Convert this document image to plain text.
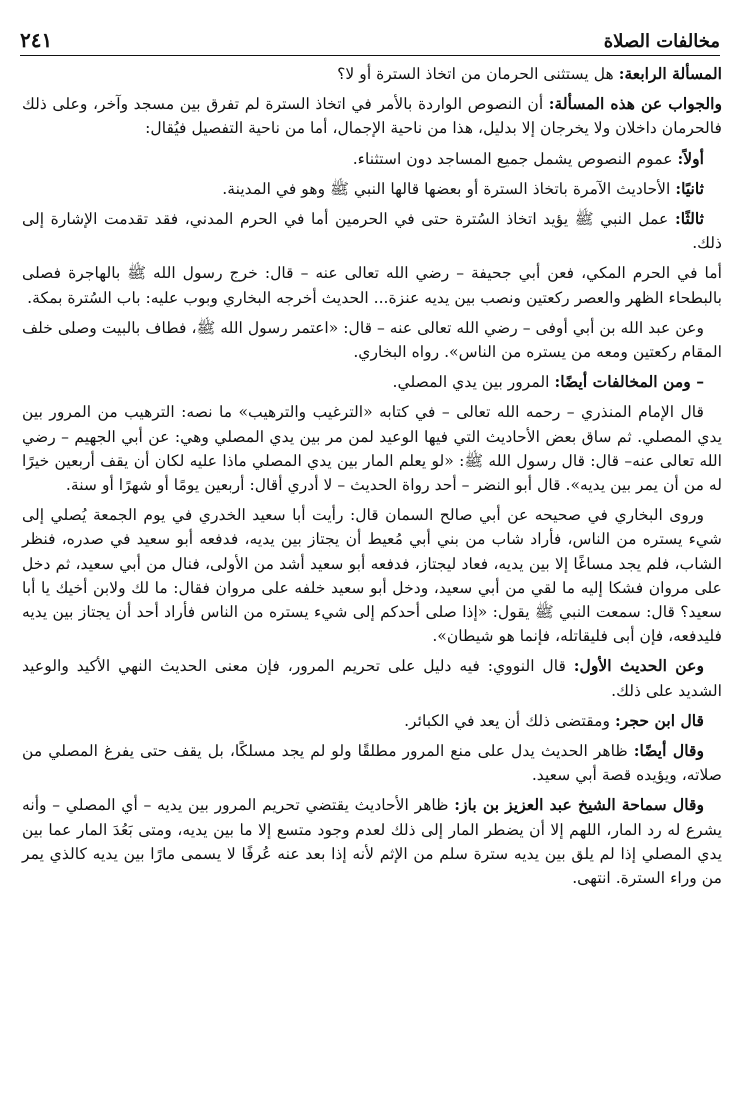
مخالفات الصلاة
٢٤١

المسألة الرابعة: هل يستثنى الحرمان من اتخاذ السترة أو لا؟

والجواب عن هذه المسألة: أن النصوص الواردة بالأمر في اتخاذ السترة لم تفرق بين مسجد وآخر، وعلى ذلك فالحرمان داخلان ولا يخرجان إلا بدليل، هذا من ناحية الإجمال، أما من ناحية التفصيل فيُقال:

أولاً: عموم النصوص يشمل جميع المساجد دون استثناء.

ثانيًا: الأحاديث الآمرة باتخاذ السترة أو بعضها قالها النبي ﷺ وهو في المدينة.

ثالثًا: عمل النبي ﷺ يؤيد اتخاذ السُترة حتى في الحرمين أما في الحرم المدني، فقد تقدمت الإشارة إلى ذلك.

أما في الحرم المكي، فعن أبي جحيفة – رضي الله تعالى عنه – قال: خرج رسول الله ﷺ بالهاجرة فصلى بالبطحاء الظهر والعصر ركعتين ونصب بين يديه عنزة... الحديث أخرجه البخاري وبوب عليه: باب السُترة بمكة.

وعن عبد الله بن أبي أوفى – رضي الله تعالى عنه – قال: «اعتمر رسول الله ﷺ، فطاف بالبيت وصلى خلف المقام ركعتين ومعه من يستره من الناس». رواه البخاري.

– ومن المخالفات أيضًا: المرور بين يدي المصلي.

قال الإمام المنذري – رحمه الله تعالى – في كتابه «الترغيب والترهيب» ما نصه: الترهيب من المرور بين يدي المصلي. ثم ساق بعض الأحاديث التي فيها الوعيد لمن مر بين يدي المصلي وهي: عن أبي الجهيم – رضي الله تعالى عنه– قال: قال رسول الله ﷺ: «لو يعلم المار بين يدي المصلي ماذا عليه لكان أن يقف أربعين خيرًا له من أن يمر بين يديه». قال أبو النضر – أحد رواة الحديث – لا أدري أقال: أربعين يومًا أو شهرًا أو سنة.

وروى البخاري في صحيحه عن أبي صالح السمان قال: رأيت أبا سعيد الخدري في يوم الجمعة يُصلي إلى شيء يستره من الناس، فأراد شاب من بني أبي مُعيط أن يجتاز بين يديه، فدفعه أبو سعيد في صدره، فنظر الشاب، فلم يجد مساغًا إلا بين يديه، فعاد ليجتاز، فدفعه أبو سعيد أشد من الأولى، فنال من أبي سعيد، ثم دخل على مروان فشكا إليه ما لقي من أبي سعيد، ودخل أبو سعيد خلفه على مروان فقال: ما لك ولابن أخيك يا أبا سعيد؟ قال: سمعت النبي ﷺ يقول: «إذا صلى أحدكم إلى شيء يستره من الناس فأراد أحد أن يجتاز بين يديه فليدفعه، فإن أبى فليقاتله، فإنما هو شيطان».

وعن الحديث الأول: قال النووي: فيه دليل على تحريم المرور، فإن معنى الحديث النهي الأكيد والوعيد الشديد على ذلك.

قال ابن حجر: ومقتضى ذلك أن يعد في الكبائر.

وقال أيضًا: ظاهر الحديث يدل على منع المرور مطلقًا ولو لم يجد مسلكًا، بل يقف حتى يفرغ المصلي من صلاته، ويؤيده قصة أبي سعيد.

وقال سماحة الشيخ عبد العزيز بن باز: ظاهر الأحاديث يقتضي تحريم المرور بين يديه – أي المصلي – وأنه يشرع له رد المار، اللهم إلا أن يضطر المار إلى ذلك لعدم وجود متسع إلا ما بين يديه، ومتى بَعُدَ المار عما بين يدي المصلي إذا لم يلق بين يديه سترة سلم من الإثم لأنه إذا بعد عنه عُرفًا لا يسمى مارًا بين يديه كالذي يمر من وراء السترة. انتهى.
